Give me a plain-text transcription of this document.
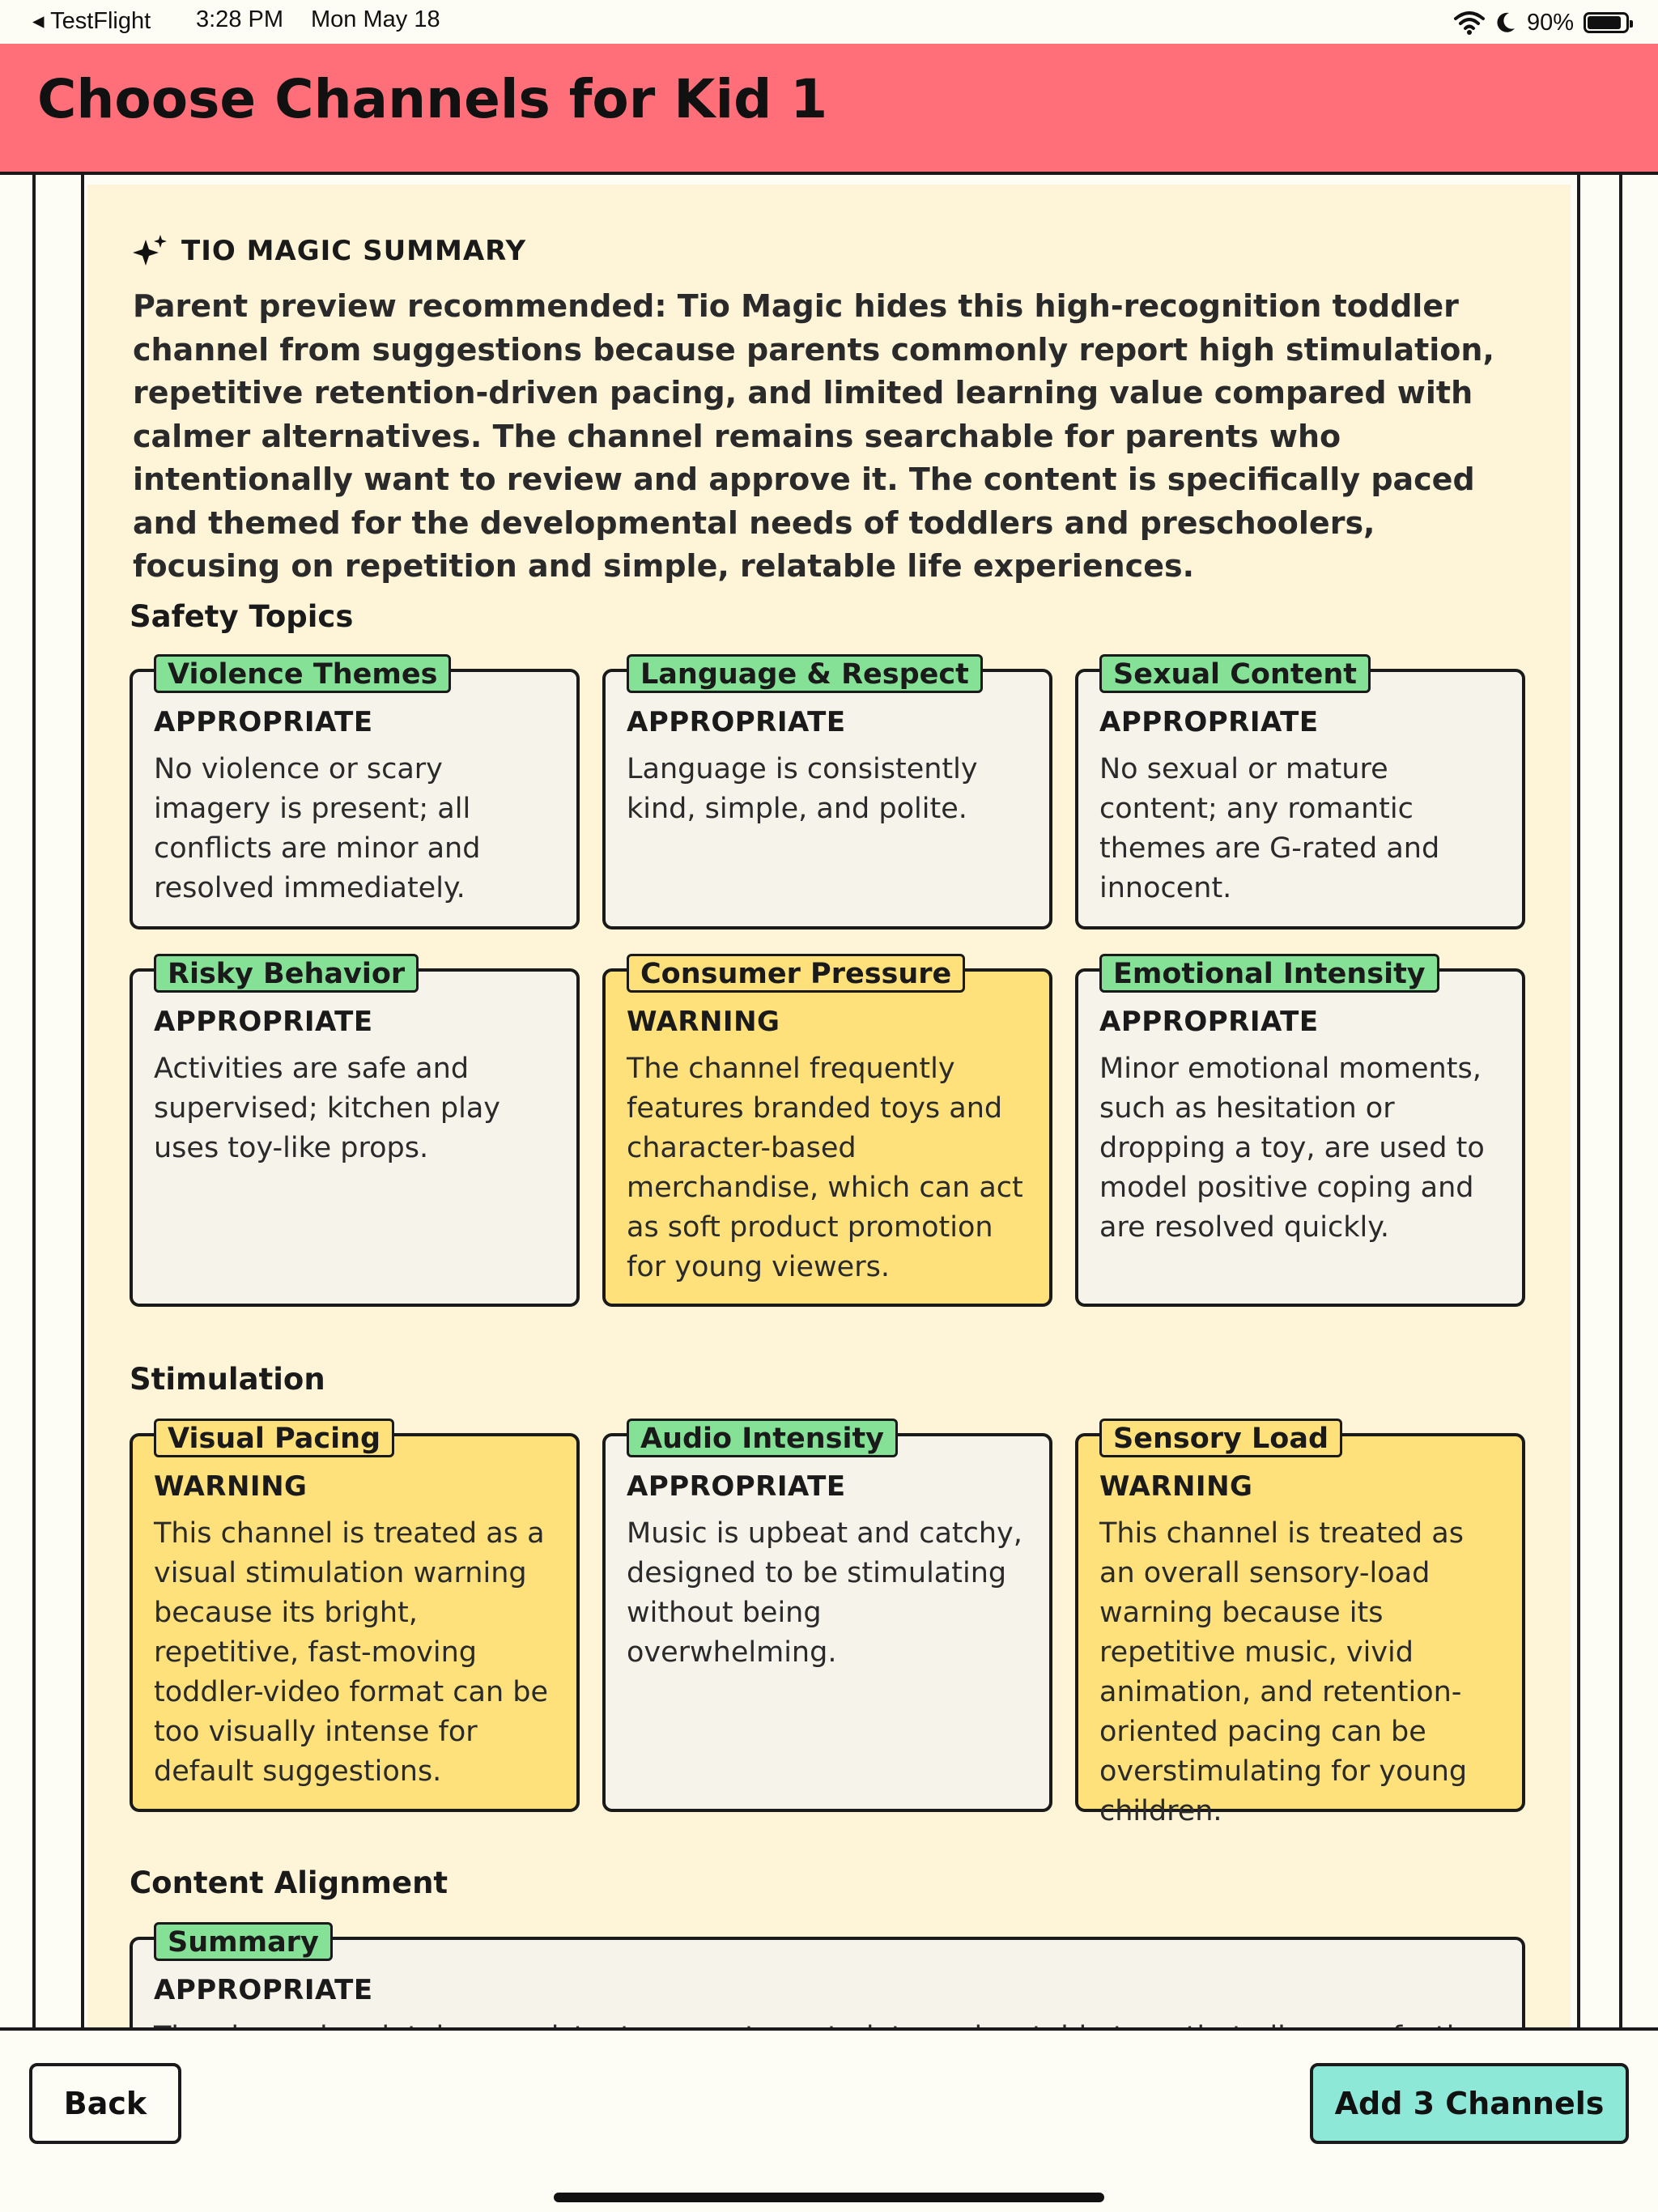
◂ TestFlight 3:28 PM Mon May 18	90%
Choose Channels for Kid 1
TIO MAGIC SUMMARY

Parent preview recommended: Tio Magic hides this high-recognition toddler channel from suggestions because parents commonly report high stimulation, repetitive retention-driven pacing, and limited learning value compared with calmer alternatives. The channel remains searchable for parents who intentionally want to review and approve it. The content is specifically paced and themed for the developmental needs of toddlers and preschoolers, focusing on repetition and simple, relatable life experiences.

Safety Topics
Violence Themes
APPROPRIATE

No violence or scary imagery is present; all conflicts are minor and resolved immediately.

Language & Respect
APPROPRIATE

Language is consistently kind, simple, and polite.

Sexual Content
APPROPRIATE

No sexual or mature content; any romantic themes are G-rated and innocent.

Risky Behavior
APPROPRIATE

Activities are safe and supervised; kitchen play uses toy-like props.

Consumer Pressure
WARNING

The channel frequently features branded toys and character-based merchandise, which can act as soft product promotion for young viewers.

Emotional Intensity
APPROPRIATE

Minor emotional moments, such as hesitation or dropping a toy, are used to model positive coping and are resolved quickly.

Stimulation
Visual Pacing
WARNING

This channel is treated as a visual stimulation warning because its bright, repetitive, fast-moving toddler-video format can be too visually intense for default suggestions.

Audio Intensity
APPROPRIATE

Music is upbeat and catchy, designed to be stimulating without being overwhelming.

Sensory Load
WARNING

This channel is treated as an overall sensory-load warning because its repetitive music, vivid animation, and retention-oriented pacing can be overstimulating for young children.

Content Alignment
Summary
APPROPRIATE

Back	Add 3 Channels
